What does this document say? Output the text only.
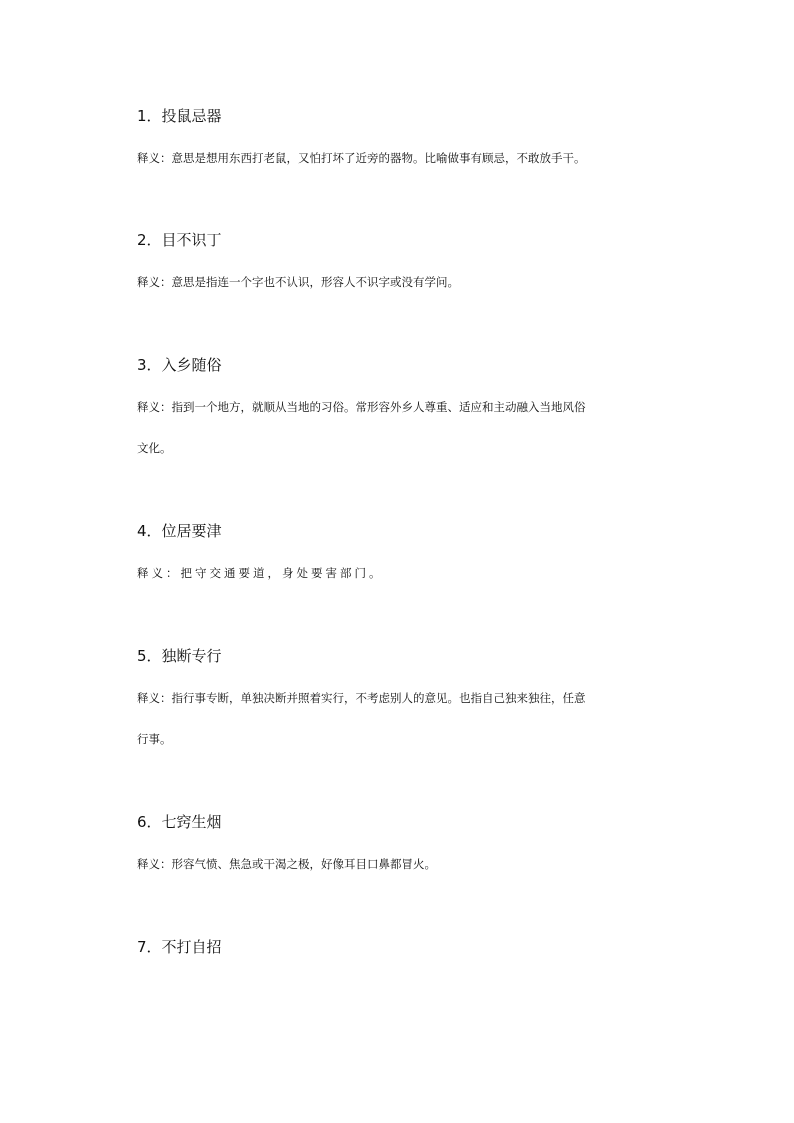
1．投鼠忌器
释义：意思是想用东西打老鼠，又怕打坏了近旁的器物。比喻做事有顾忌，不敢放手干。
2．目不识丁
释义：意思是指连一个字也不认识，形容人不识字或没有学问。
3．入乡随俗
释义：指到一个地方，就顺从当地的习俗。常形容外乡人尊重、适应和主动融入当地风俗
文化。
4．位居要津
释义：把守交通要道，身处要害部门。
5．独断专行
释义：指行事专断，单独决断并照着实行，不考虑别人的意见。也指自己独来独往，任意
行事。
6．七窍生烟
释义：形容气愤、焦急或干渴之极，好像耳目口鼻都冒火。
7．不打自招
